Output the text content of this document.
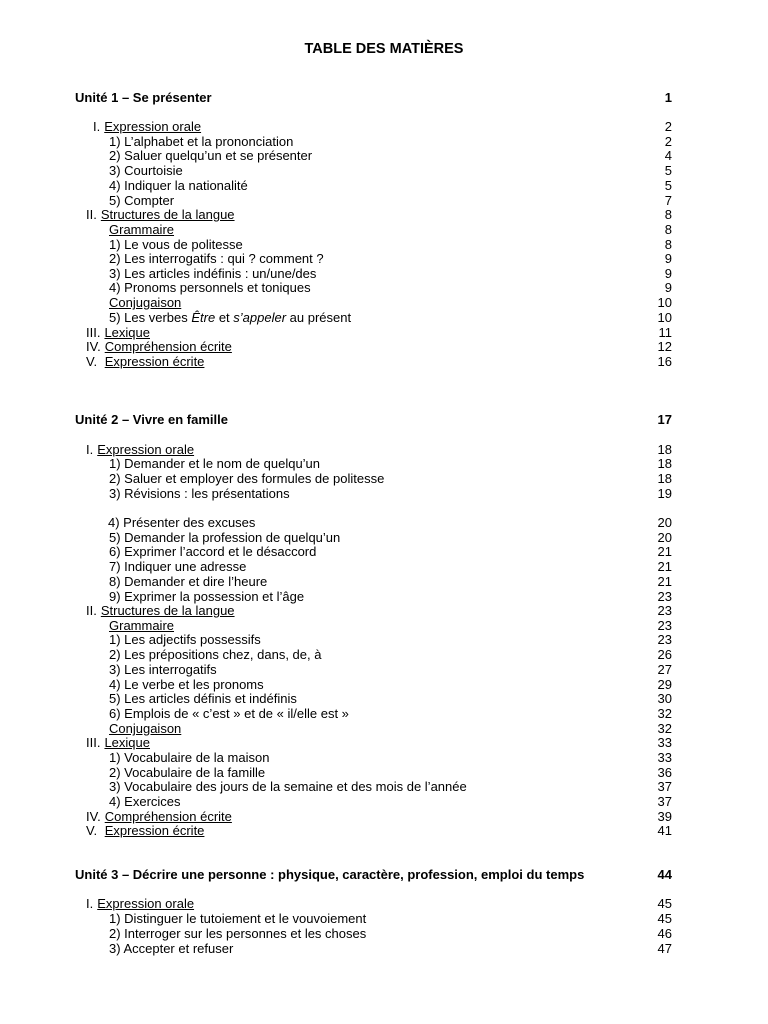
TABLE DES MATIÈRES
Unité 1 – Se présenter	1
I. Expression orale	2
1) L’alphabet et la prononciation	2
2) Saluer quelqu’un et se présenter	4
3) Courtoisie	5
4) Indiquer la nationalité	5
5) Compter	7
II. Structures de la langue	8
Grammaire	8
1) Le vous de politesse	8
2) Les interrogatifs : qui ? comment ?	9
3) Les articles indéfinis : un/une/des	9
4) Pronoms personnels et toniques	9
Conjugaison	10
5) Les verbes Être et s’appeler au présent	10
III. Lexique	11
IV. Compréhension écrite	12
V. Expression écrite	16
Unité 2 – Vivre en famille	17
I. Expression orale	18
1) Demander et le nom de quelqu’un	18
2) Saluer et employer des formules de politesse	18
3) Révisions : les présentations	19
4) Présenter des excuses	20
5) Demander la profession de quelqu’un	20
6) Exprimer l’accord et le désaccord	21
7) Indiquer une adresse	21
8) Demander et dire l’heure	21
9) Exprimer la possession et l’âge	23
II. Structures de la langue	23
Grammaire	23
1) Les adjectifs possessifs	23
2) Les prépositions chez, dans, de, à	26
3) Les interrogatifs	27
4) Le verbe et les pronoms	29
5) Les articles définis et indéfinis	30
6) Emplois de « c’est » et de « il/elle est »	32
Conjugaison	32
III. Lexique	33
1) Vocabulaire de la maison	33
2) Vocabulaire de la famille	36
3) Vocabulaire des jours de la semaine et des mois de l’année	37
4) Exercices	37
IV. Compréhension écrite	39
V. Expression écrite	41
Unité 3 – Décrire une personne : physique, caractère, profession, emploi du temps	44
I. Expression orale	45
1) Distinguer le tutoiement et le vouvoiement	45
2) Interroger sur les personnes et les choses	46
3) Accepter et refuser	47
